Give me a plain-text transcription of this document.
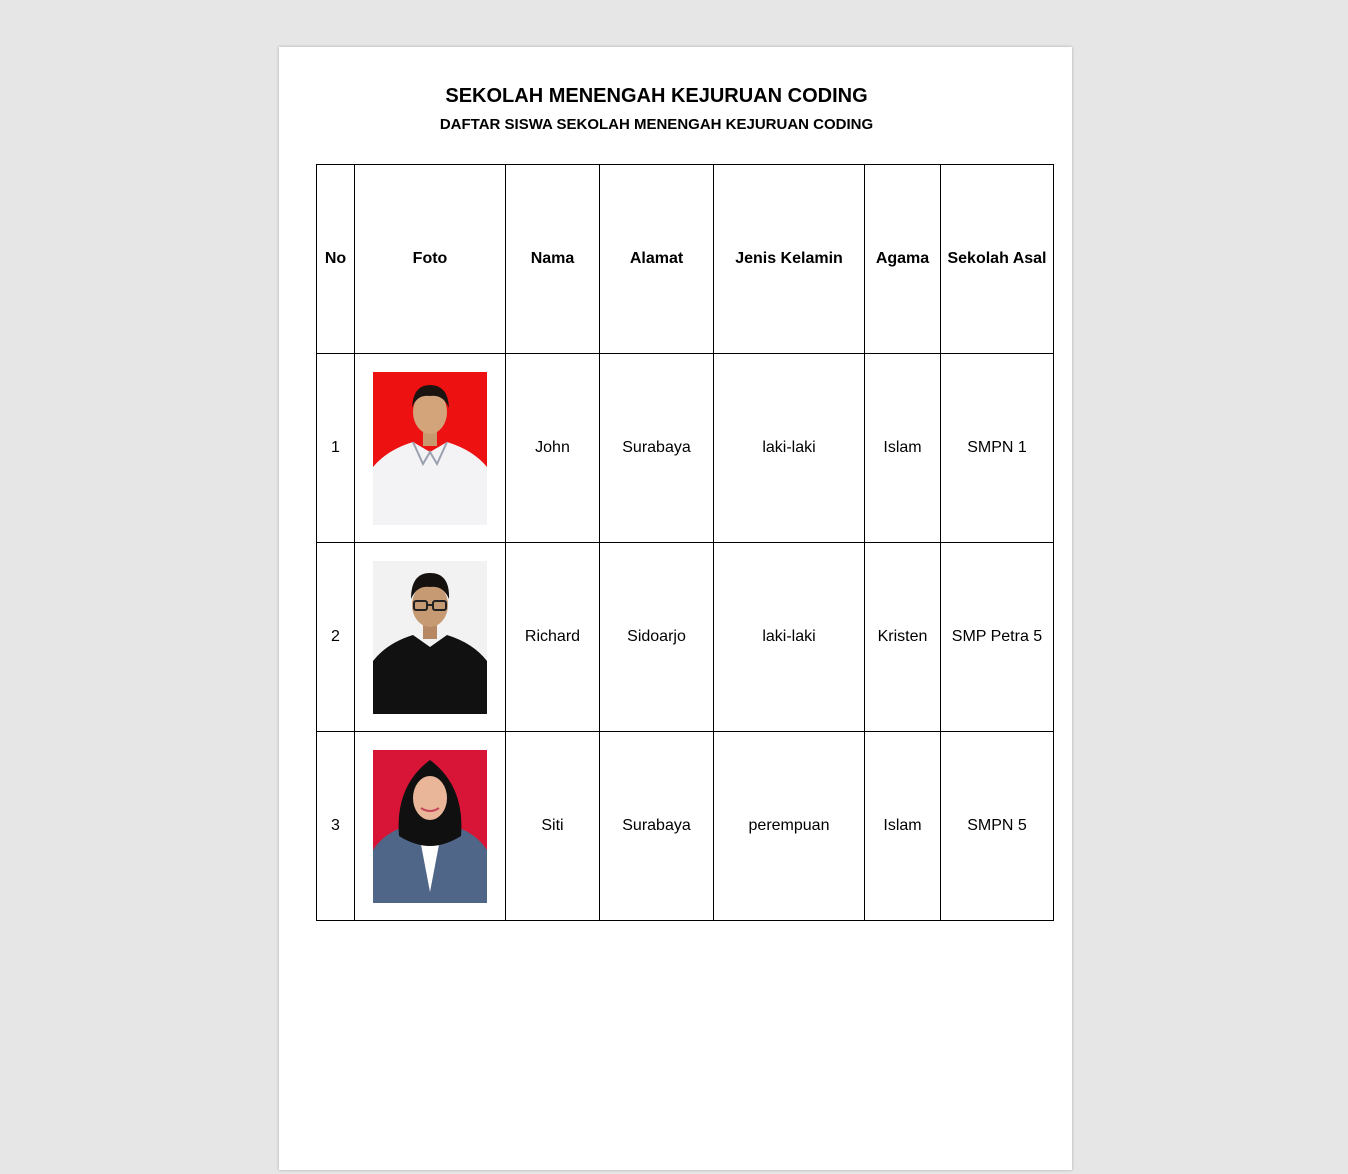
SEKOLAH MENENGAH KEJURUAN CODING
DAFTAR SISWA SEKOLAH MENENGAH KEJURUAN CODING
No	Foto	Nama	Alamat	Jenis Kelamin	Agama	Sekolah Asal
1		John	Surabaya	laki-laki	Islam	SMPN 1
2		Richard	Sidoarjo	laki-laki	Kristen	SMP Petra 5
3		Siti	Surabaya	perempuan	Islam	SMPN 5
